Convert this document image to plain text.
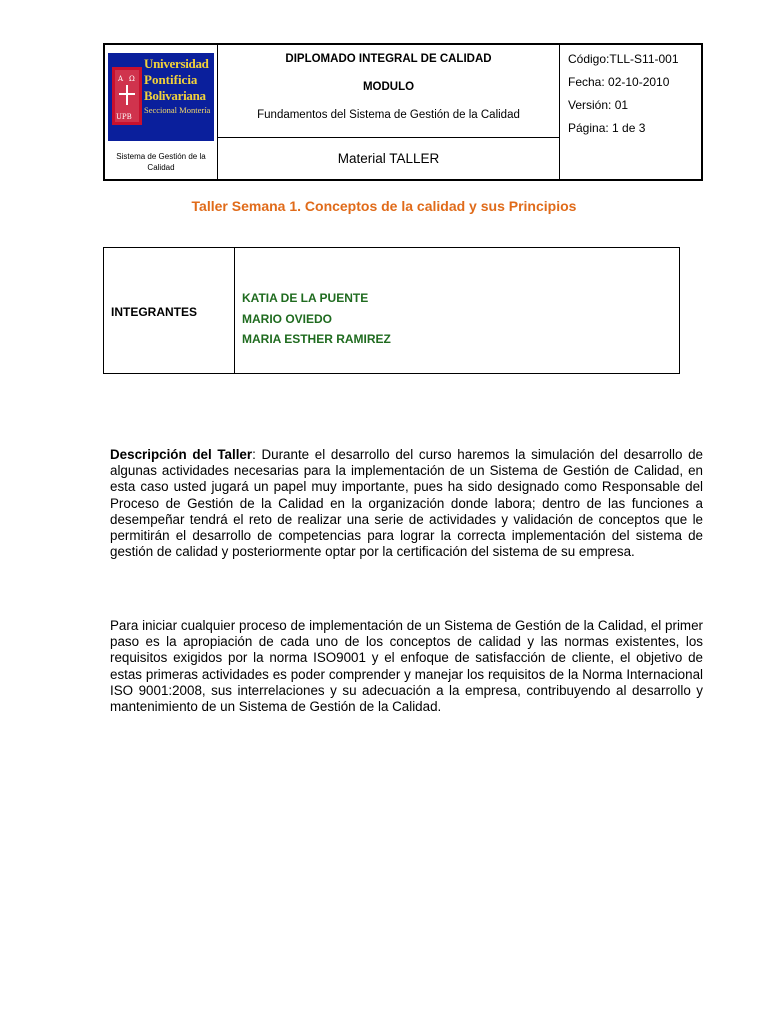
A Ω
UPB
Universidad
Pontificia
Bolivariana
Seccional Montería
Sistema de Gestión de la Calidad
DIPLOMADO INTEGRAL DE CALIDAD
MODULO
Fundamentos del Sistema de Gestión de la Calidad
Material TALLER
Código:TLL-S11-001
Fecha: 02-10-2010
Versión: 01
Página: 1 de 3
Taller Semana 1. Conceptos de la calidad y sus Principios
INTEGRANTES
KATIA DE LA PUENTE
MARIO OVIEDO
MARIA ESTHER RAMIREZ
Descripción del Taller: Durante el desarrollo del curso haremos la simulación del desarrollo de algunas actividades necesarias para la implementación de un Sistema de Gestión de Calidad, en esta caso usted jugará un papel muy importante, pues ha sido designado como Responsable del Proceso de Gestión de la Calidad en la organización donde labora; dentro de las funciones a desempeñar tendrá el reto de realizar una serie de actividades y validación de conceptos que le permitirán el desarrollo de competencias para lograr la correcta implementación del sistema de gestión de calidad y posteriormente optar por la certificación del sistema de su empresa.
Para iniciar cualquier proceso de implementación de un Sistema de Gestión de la Calidad, el primer paso es la apropiación de cada uno de los conceptos de calidad y las normas existentes, los requisitos exigidos por la norma ISO9001 y el enfoque de satisfacción de cliente, el objetivo de estas primeras actividades es poder comprender y manejar los requisitos de la Norma Internacional ISO 9001:2008, sus interrelaciones y su adecuación a la empresa, contribuyendo al desarrollo y mantenimiento de un Sistema de Gestión de la Calidad.
